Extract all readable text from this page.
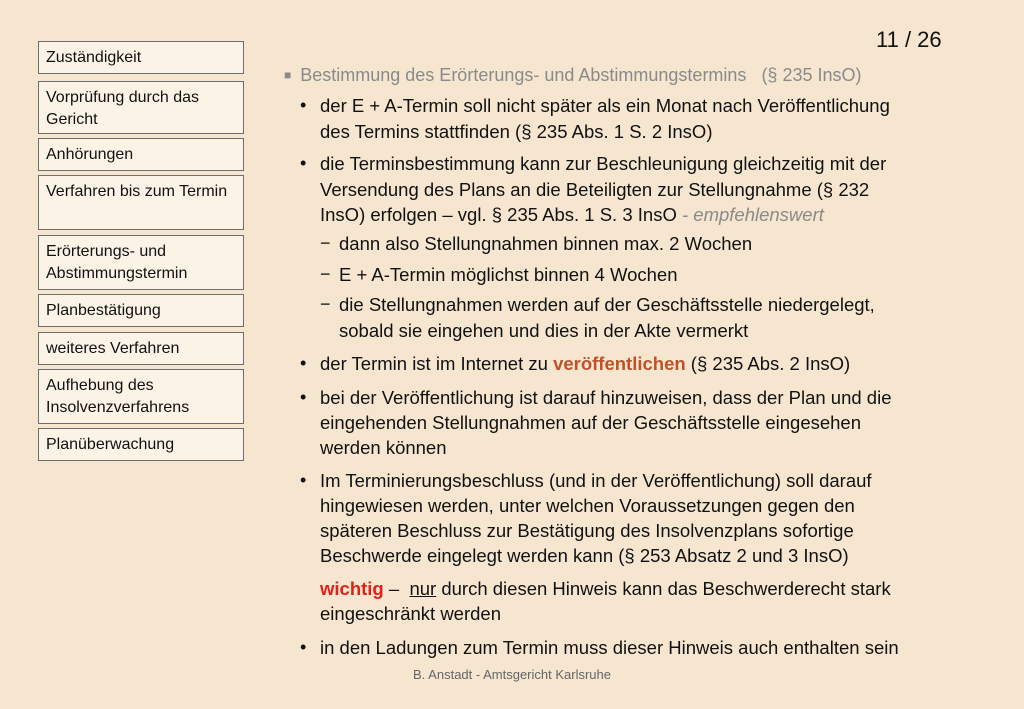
Zuständigkeit
Vorprüfung durch das Gericht
Anhörungen
Verfahren bis zum Termin
Erörterungs- und Abstimmungstermin
Planbestätigung
weiteres Verfahren
Aufhebung des Insolvenzverfahrens
Planüberwachung
11 / 26
■ Bestimmung des Erörterungs- und Abstimmungstermins   (§ 235 InsO)
• der E + A-Termin soll nicht später als ein Monat nach Veröffentlichung
des Termins stattfinden (§ 235 Abs. 1 S. 2 InsO)
• die Terminsbestimmung kann zur Beschleunigung gleichzeitig mit der
Versendung des Plans an die Beteiligten zur Stellungnahme (§ 232
InsO) erfolgen – vgl. § 235 Abs. 1 S. 3 InsO - empfehlenswert
− dann also Stellungnahmen binnen max. 2 Wochen
− E + A-Termin möglichst binnen 4 Wochen
− die Stellungnahmen werden auf der Geschäftsstelle niedergelegt,
sobald sie eingehen und dies in der Akte vermerkt
• der Termin ist im Internet zu veröffentlichen (§ 235 Abs. 2 InsO)
• bei der Veröffentlichung ist darauf hinzuweisen, dass der Plan und die
eingehenden Stellungnahmen auf der Geschäftsstelle eingesehen
werden können
• Im Terminierungsbeschluss (und in der Veröffentlichung) soll darauf
hingewiesen werden, unter welchen Voraussetzungen gegen den
späteren Beschluss zur Bestätigung des Insolvenzplans sofortige
Beschwerde eingelegt werden kann (§ 253 Absatz 2 und 3 InsO)
wichtig –  nur durch diesen Hinweis kann das Beschwerderecht stark
eingeschränkt werden
• in den Ladungen zum Termin muss dieser Hinweis auch enthalten sein
B. Anstadt - Amtsgericht Karlsruhe
